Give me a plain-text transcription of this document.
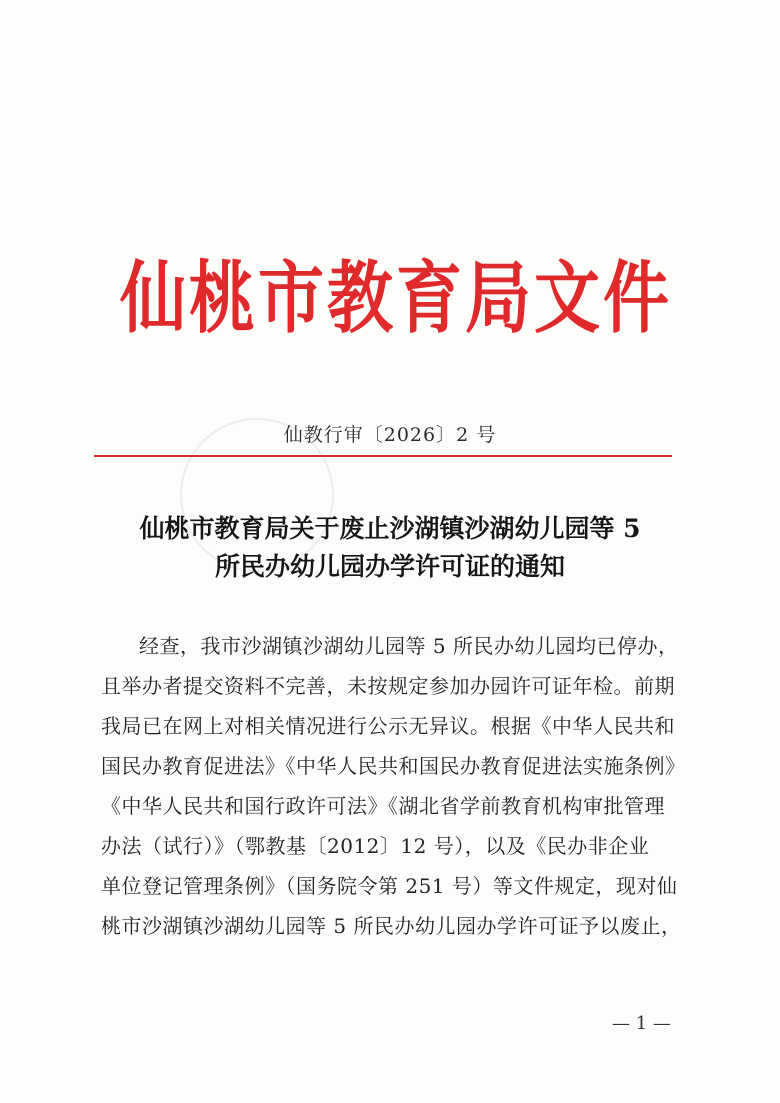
仙桃市教育局文件
仙教行审〔2026〕2 号
仙桃市教育局关于废止沙湖镇沙湖幼儿园等 5
所民办幼儿园办学许可证的通知
经查，我市沙湖镇沙湖幼儿园等 5 所民办幼儿园均已停办，
且举办者提交资料不完善，未按规定参加办园许可证年检。前期
我局已在网上对相关情况进行公示无异议。根据《中华人民共和
国民办教育促进法》《中华人民共和国民办教育促进法实施条例》
《中华人民共和国行政许可法》《湖北省学前教育机构审批管理
办法（试行）》（鄂教基〔2012〕12 号），以及《民办非企业
单位登记管理条例》（国务院令第 251 号）等文件规定，现对仙
桃市沙湖镇沙湖幼儿园等 5 所民办幼儿园办学许可证予以废止，
— 1 —
